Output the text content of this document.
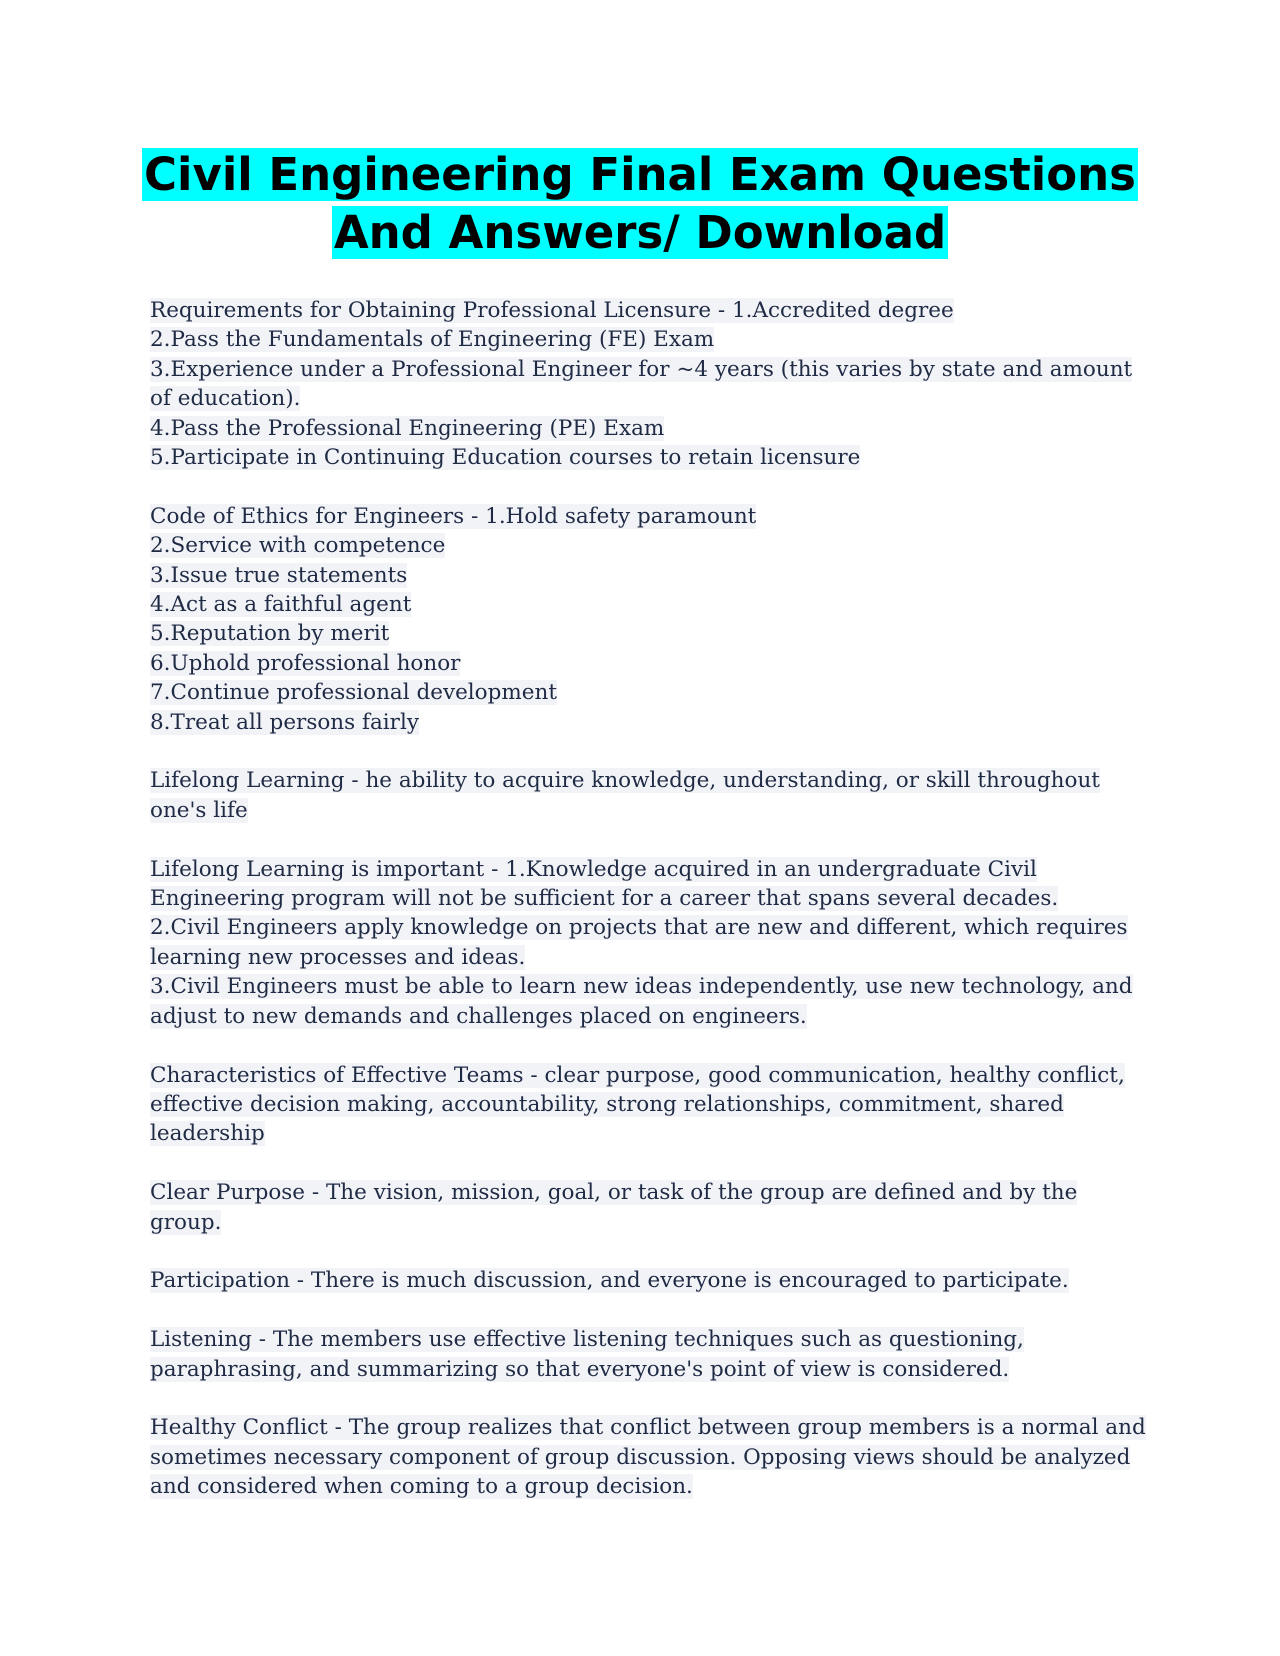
Civil Engineering Final Exam Questions
And Answers/ Download
Requirements for Obtaining Professional Licensure - 1.Accredited degree
2.Pass the Fundamentals of Engineering (FE) Exam
3.Experience under a Professional Engineer for ~4 years (this varies by state and amount
of education).
4.Pass the Professional Engineering (PE) Exam
5.Participate in Continuing Education courses to retain licensure
Code of Ethics for Engineers - 1.Hold safety paramount
2.Service with competence
3.Issue true statements
4.Act as a faithful agent
5.Reputation by merit
6.Uphold professional honor
7.Continue professional development
8.Treat all persons fairly
Lifelong Learning - he ability to acquire knowledge, understanding, or skill throughout
one's life
Lifelong Learning is important - 1.Knowledge acquired in an undergraduate Civil
Engineering program will not be sufficient for a career that spans several decades.
2.Civil Engineers apply knowledge on projects that are new and different, which requires
learning new processes and ideas.
3.Civil Engineers must be able to learn new ideas independently, use new technology, and
adjust to new demands and challenges placed on engineers.
Characteristics of Effective Teams - clear purpose, good communication, healthy conflict,
effective decision making, accountability, strong relationships, commitment, shared
leadership
Clear Purpose - The vision, mission, goal, or task of the group are defined and by the group.
Participation - There is much discussion, and everyone is encouraged to participate.
Listening - The members use effective listening techniques such as questioning,
paraphrasing, and summarizing so that everyone's point of view is considered.
Healthy Conflict - The group realizes that conflict between group members is a normal and
sometimes necessary component of group discussion. Opposing views should be analyzed
and considered when coming to a group decision.
